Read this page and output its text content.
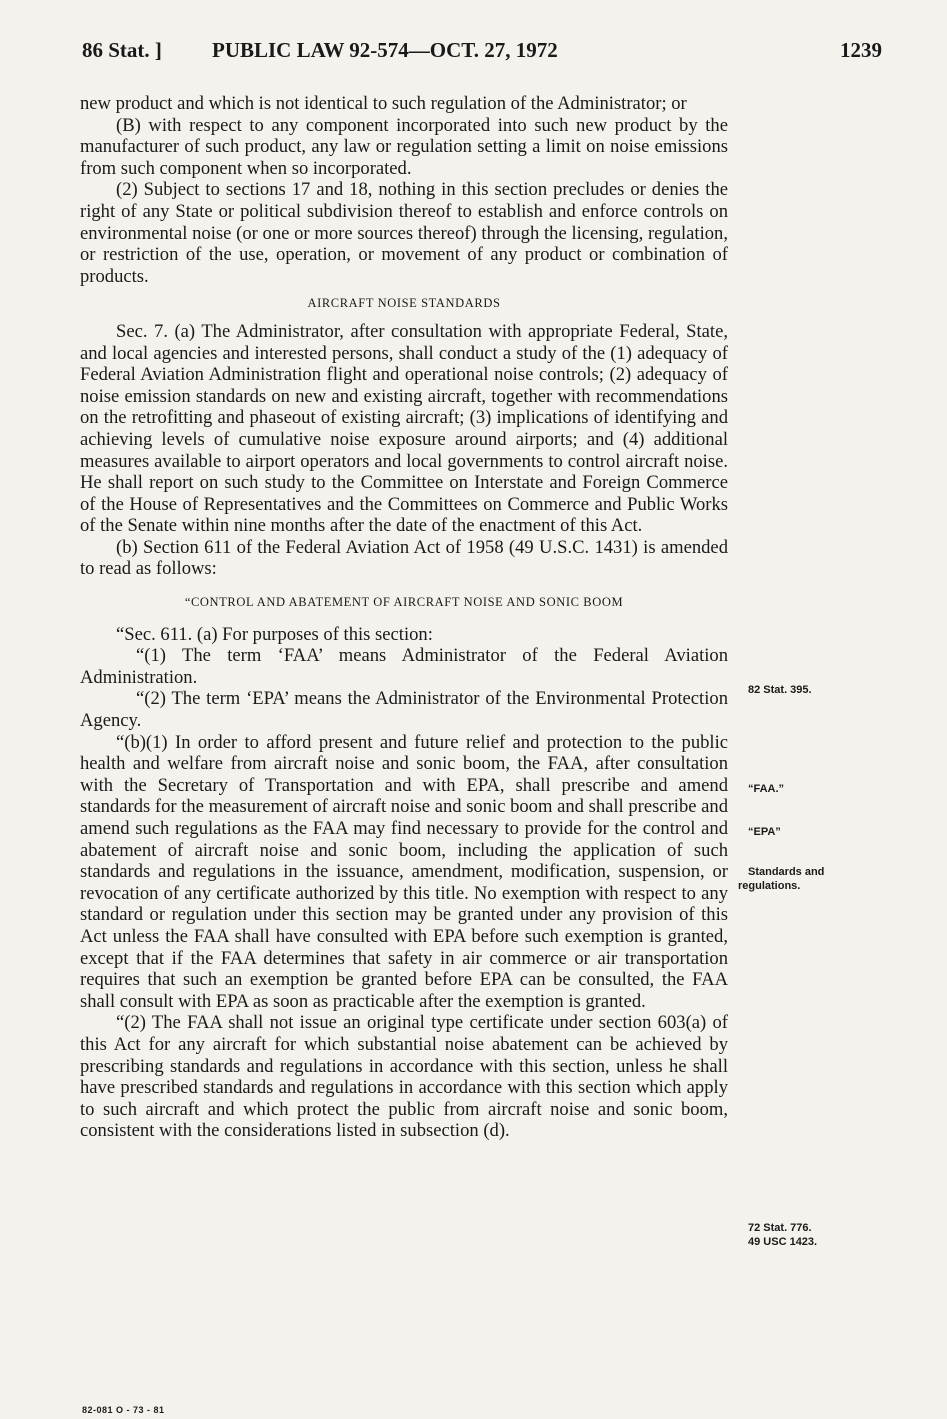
86 Stat. ] PUBLIC LAW 92-574—OCT. 27, 1972	1239

new product and which is not identical to such regulation of the Administrator; or

(B) with respect to any component incorporated into such new product by the manufacturer of such product, any law or regulation setting a limit on noise emissions from such component when so incorporated.

(2) Subject to sections 17 and 18, nothing in this section precludes or denies the right of any State or political subdivision thereof to establish and enforce controls on environmental noise (or one or more sources thereof) through the licensing, regulation, or restriction of the use, operation, or movement of any product or combination of products.

AIRCRAFT NOISE STANDARDS

Sec. 7. (a) The Administrator, after consultation with appropriate Federal, State, and local agencies and interested persons, shall conduct a study of the (1) adequacy of Federal Aviation Administration flight and operational noise controls; (2) adequacy of noise emission standards on new and existing aircraft, together with recommendations on the retrofitting and phaseout of existing aircraft; (3) implications of identifying and achieving levels of cumulative noise exposure around airports; and (4) additional measures available to airport operators and local governments to control aircraft noise. He shall report on such study to the Committee on Interstate and Foreign Commerce of the House of Representatives and the Committees on Commerce and Public Works of the Senate within nine months after the date of the enactment of this Act.

(b) Section 611 of the Federal Aviation Act of 1958 (49 U.S.C. 1431) is amended to read as follows:

“CONTROL AND ABATEMENT OF AIRCRAFT NOISE AND SONIC BOOM

“Sec. 611. (a) For purposes of this section:

“(1) The term ‘FAA’ means Administrator of the Federal Aviation Administration.

“(2) The term ‘EPA’ means the Administrator of the Environmental Protection Agency.

“(b)(1) In order to afford present and future relief and protection to the public health and welfare from aircraft noise and sonic boom, the FAA, after consultation with the Secretary of Transportation and with EPA, shall prescribe and amend standards for the measurement of aircraft noise and sonic boom and shall prescribe and amend such regulations as the FAA may find necessary to provide for the control and abatement of aircraft noise and sonic boom, including the application of such standards and regulations in the issuance, amendment, modification, suspension, or revocation of any certificate authorized by this title. No exemption with respect to any standard or regulation under this section may be granted under any provision of this Act unless the FAA shall have consulted with EPA before such exemption is granted, except that if the FAA determines that safety in air commerce or air transportation requires that such an exemption be granted before EPA can be consulted, the FAA shall consult with EPA as soon as practicable after the exemption is granted.

“(2) The FAA shall not issue an original type certificate under section 603(a) of this Act for any aircraft for which substantial noise abatement can be achieved by prescribing standards and regulations in accordance with this section, unless he shall have prescribed standards and regulations in accordance with this section which apply to such aircraft and which protect the public from aircraft noise and sonic boom, consistent with the considerations listed in subsection (d).

82 Stat. 395.
“FAA.”
“EPA”
Standards and
regulations.
72 Stat. 776.
49 USC 1423.
82-081 O - 73 - 81
